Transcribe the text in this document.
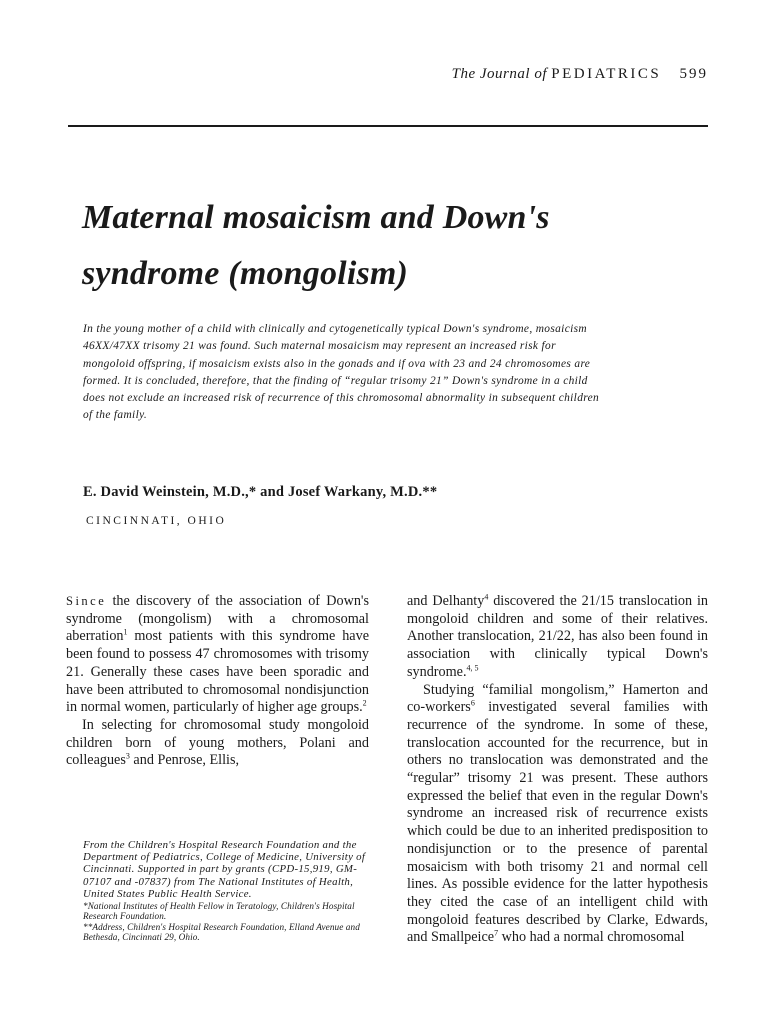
The Journal of PEDIATRICS 599
Maternal mosaicism and Down's
syndrome (mongolism)

In the young mother of a child with clinically and cytogenetically typical Down's syndrome, mosaicism 46XX/47XX trisomy 21 was found. Such maternal mosaicism may represent an increased risk for mongoloid offspring, if mosaicism exists also in the gonads and if ova with 23 and 24 chromosomes are formed. It is concluded, therefore, that the finding of “regular trisomy 21” Down's syndrome in a child does not exclude an increased risk of recurrence of this chromosomal abnormality in subsequent children of the family.

E. David Weinstein, M.D.,* and Josef Warkany, M.D.**
CINCINNATI, OHIO

Since the discovery of the association of Down's syndrome (mongolism) with a chromosomal aberration$^1$ most patients with this syndrome have been found to possess 47 chromosomes with trisomy 21. Generally these cases have been sporadic and have been attributed to chromosomal nondisjunction in normal women, particularly of higher age groups.$^2$

In selecting for chromosomal study mongoloid children born of young mothers, Polani and colleagues$^3$ and Penrose, Ellis,

From the Children's Hospital Research Foundation and the Department of Pediatrics, College of Medicine, University of Cincinnati. Supported in part by grants (CPD-15,919, GM-07107 and -07837) from The National Institutes of Health, United States Public Health Service.

*National Institutes of Health Fellow in Teratology, Children's Hospital Research Foundation.

**Address, Children's Hospital Research Foundation, Elland Avenue and Bethesda, Cincinnati 29, Ohio.

and Delhanty$^4$ discovered the 21/15 translocation in mongoloid children and some of their relatives. Another translocation, 21/22, has also been found in association with clinically typical Down's syndrome.$^{4, 5}$

Studying “familial mongolism,” Hamerton and co-workers$^6$ investigated several families with recurrence of the syndrome. In some of these, translocation accounted for the recurrence, but in others no translocation was demonstrated and the “regular” trisomy 21 was present. These authors expressed the belief that even in the regular Down's syndrome an increased risk of recurrence exists which could be due to an inherited predisposition to nondisjunction or to the presence of parental mosaicism with both trisomy 21 and normal cell lines. As possible evidence for the latter hypothesis they cited the case of an intelligent child with mongoloid features described by Clarke, Edwards, and Smallpeice$^7$ who had a normal chromosomal
